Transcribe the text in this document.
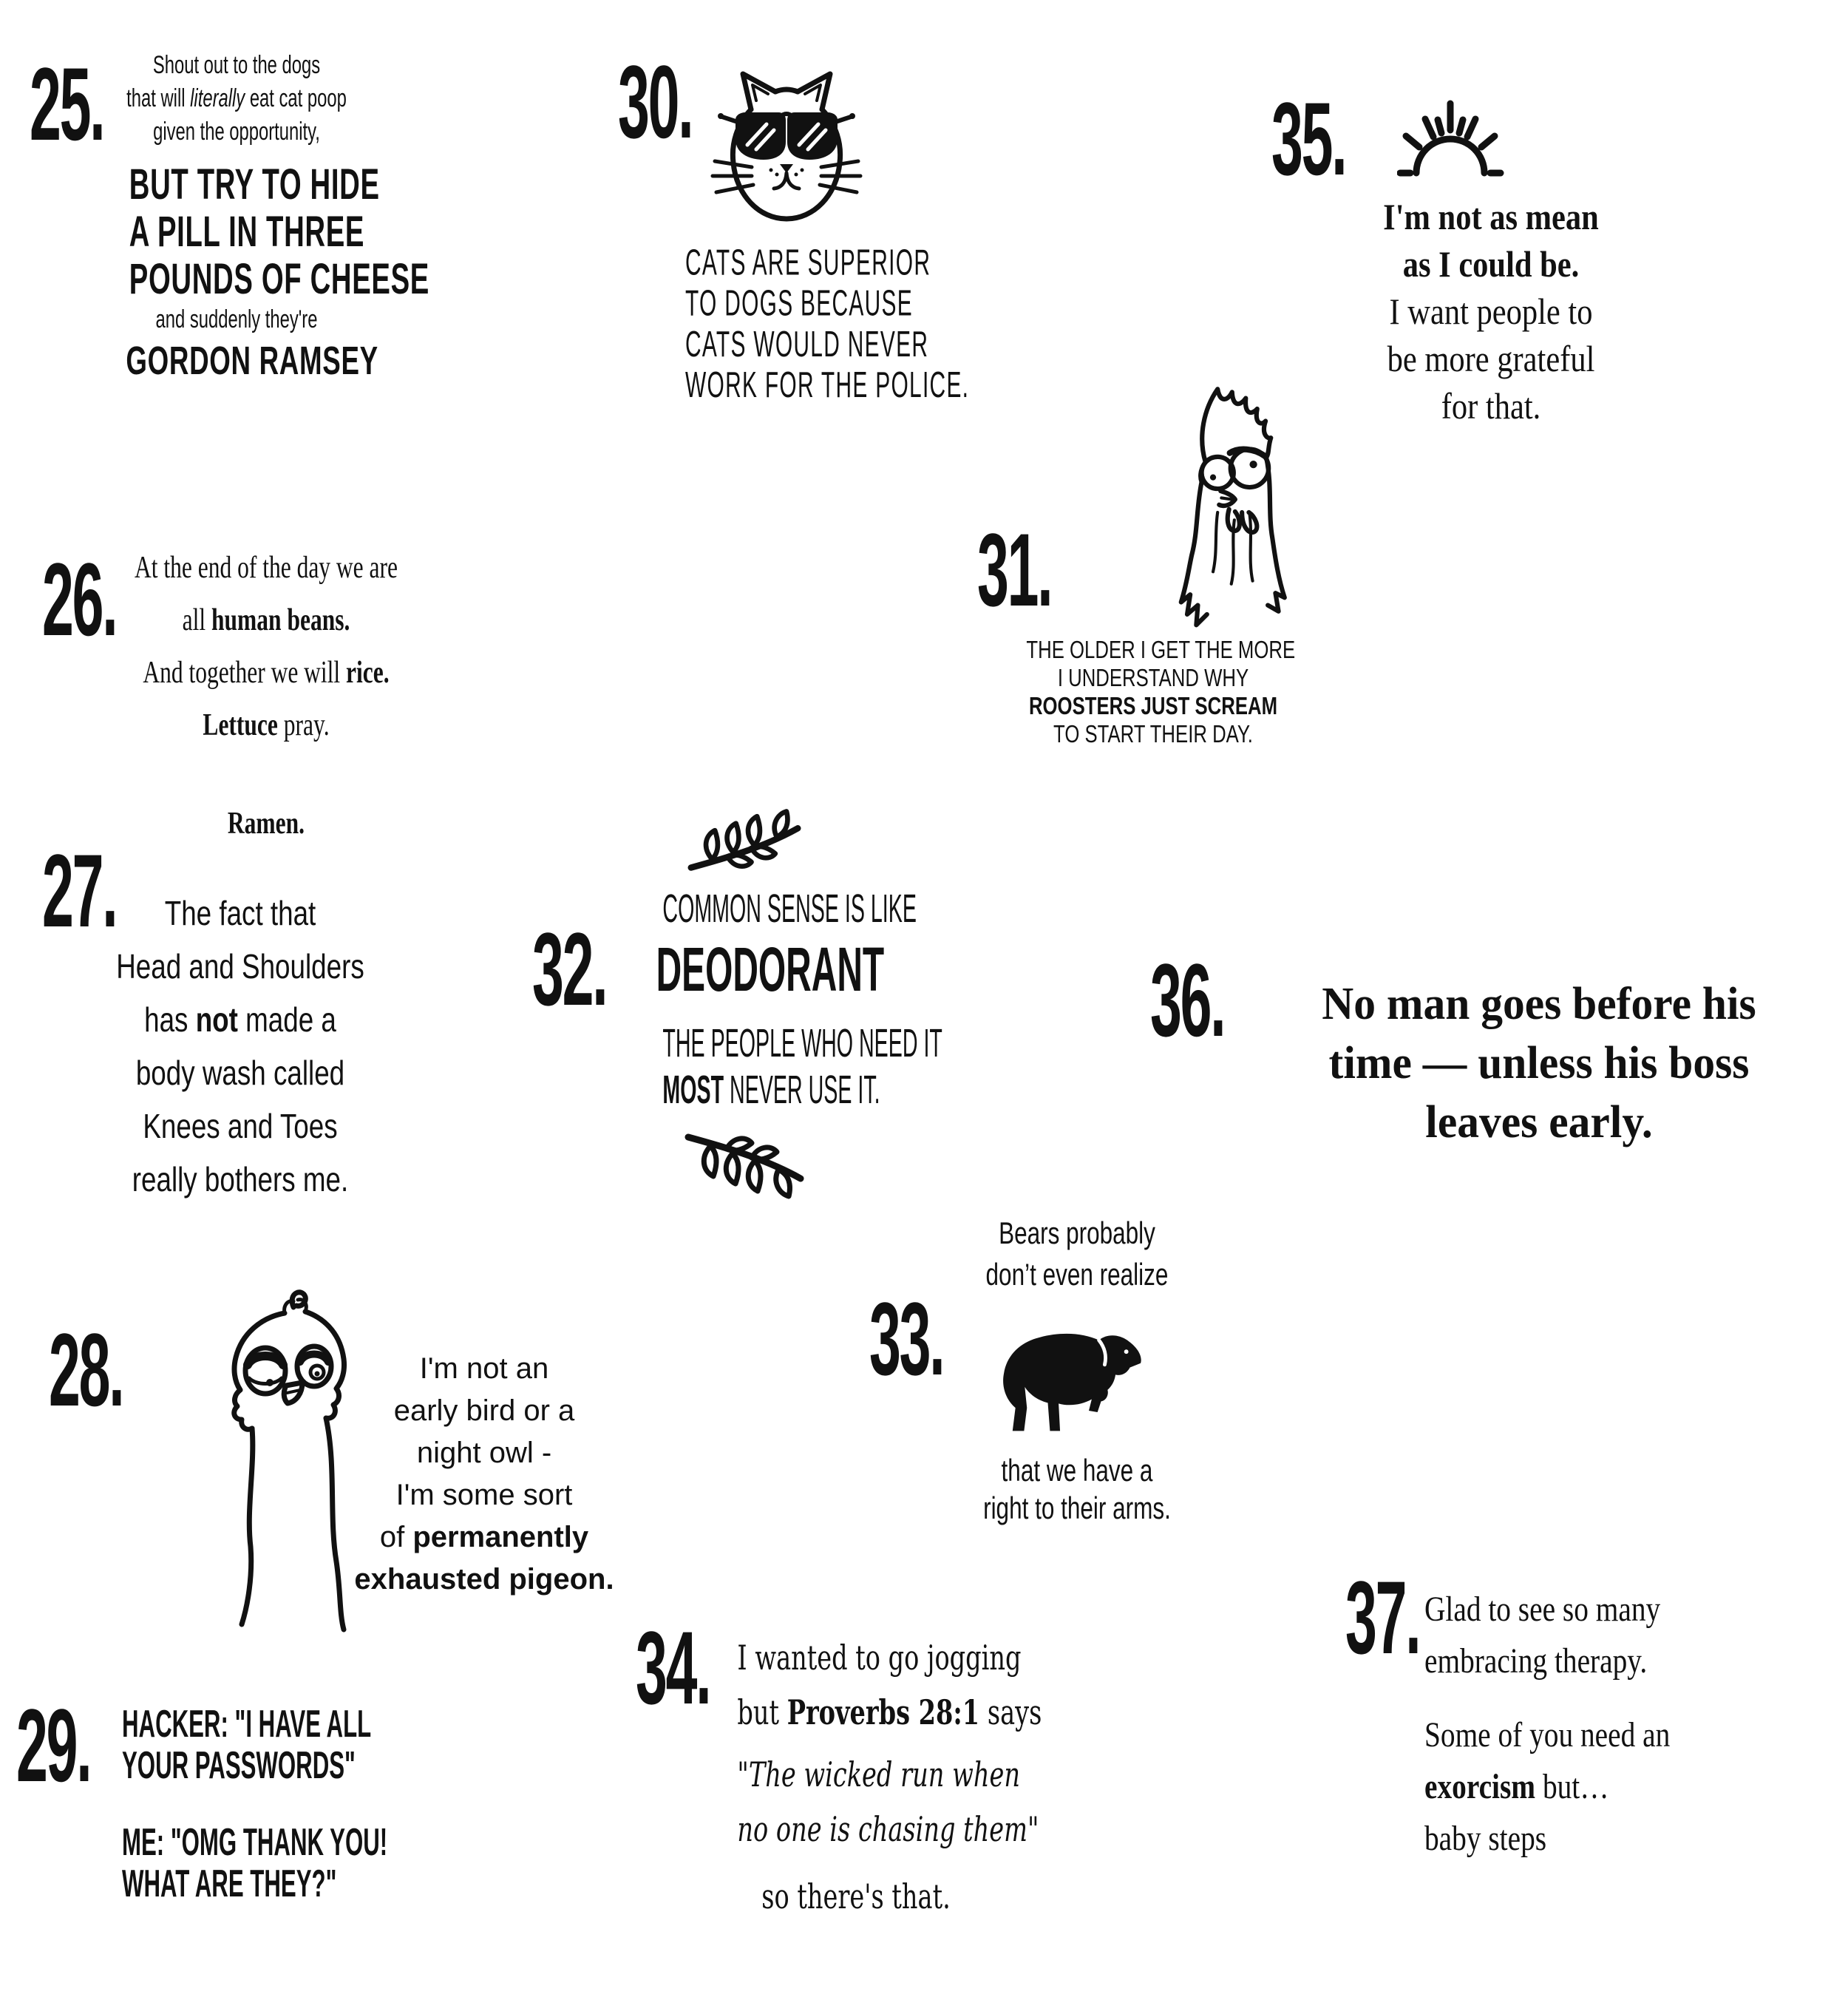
25.	Shout out to the dogs
that will literally eat cat poop
given the opportunity,
BUT TRY TO HIDE
A PILL IN THREE
POUNDS OF CHEESE
and suddenly they're
GORDON RAMSEY
26. At the end of the day we are
all human beans.
And together we will rice.
Lettuce pray.
Ramen.
27.	The fact that
Head and Shoulders
has not made a
body wash called
Knees and Toes
really bothers me.
28.	I'm not an
early bird or a
night owl -
I'm some sort
of permanently
exhausted pigeon.
29. HACKER: "I HAVE ALL
YOUR PASSWORDS"
ME: "OMG THANK YOU!
WHAT ARE THEY?"
30.
CATS ARE SUPERIOR
TO DOGS BECAUSE
CATS WOULD NEVER
WORK FOR THE POLICE.
31.
THE OLDER I GET THE MORE
I UNDERSTAND WHY
ROOSTERS JUST SCREAM
TO START THEIR DAY.
COMMON SENSE IS LIKE
32. DEODORANT
THE PEOPLE WHO NEED IT
MOST NEVER USE IT.
Bears probably
don’t even realize
33.
that we have a
right to their arms.
34. I wanted to go jogging
but Proverbs 28:1 says
"The wicked run when
no one is chasing them"
so there's that.
35.
I'm not as mean
as I could be.
I want people to
be more grateful
for that.
36.	No man goes before his
time — unless his boss
leaves early.
37. Glad to see so many
embracing therapy.
Some of you need an
exorcism but…
baby steps
